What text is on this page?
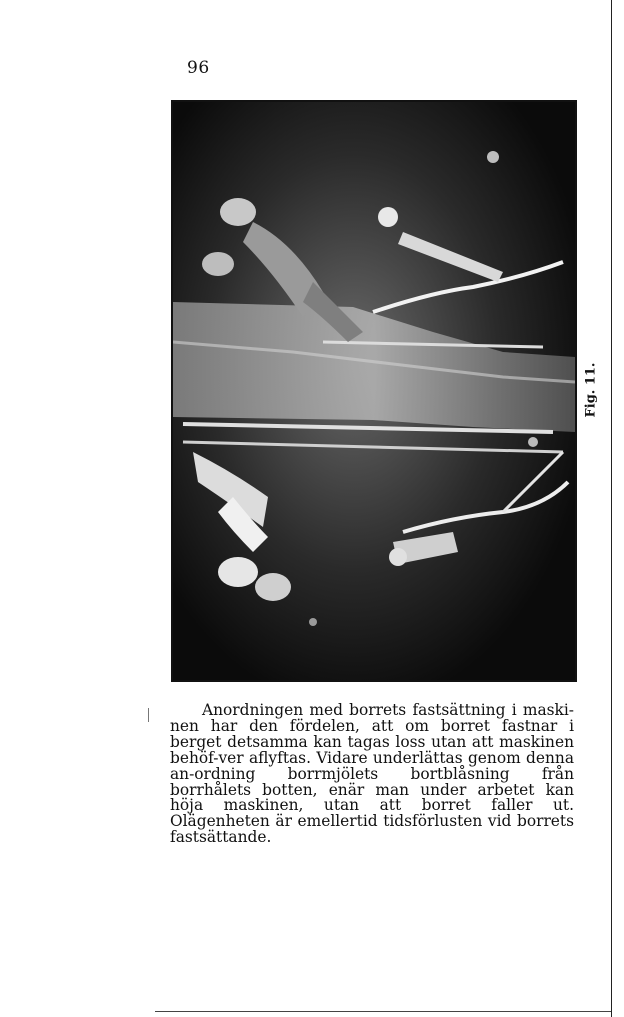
96
Fig. 11.

Anordningen med borrets fastsättning i maski-nen har den fördelen, att om borret fastnar i berget detsamma kan tagas loss utan att maskinen behöf-ver aflyftas. Vidare underlättas genom denna an-ordning borrmjölets bortblåsning från borrhålets botten, enär man under arbetet kan höja maskinen, utan att borret faller ut. Olägenheten är emellertid tidsförlusten vid borrets fastsättande.
